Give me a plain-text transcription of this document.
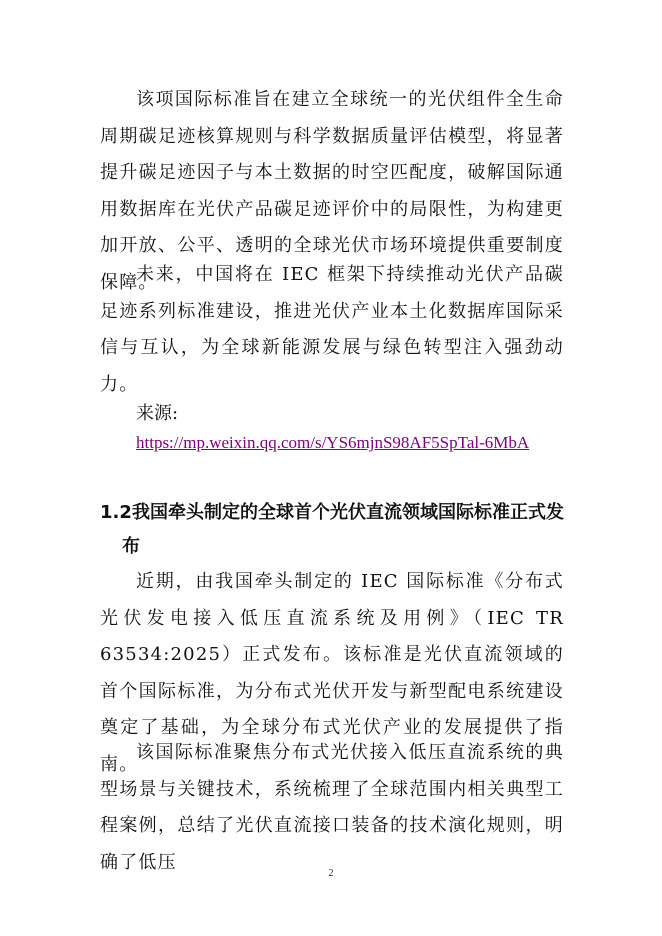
该项国际标准旨在建立全球统一的光伏组件全生命周期碳足迹核算规则与科学数据质量评估模型，将显著提升碳足迹因子与本土数据的时空匹配度，破解国际通用数据库在光伏产品碳足迹评价中的局限性，为构建更加开放、公平、透明的全球光伏市场环境提供重要制度保障。

未来，中国将在 IEC 框架下持续推动光伏产品碳足迹系列标准建设，推进光伏产业本土化数据库国际采信与互认，为全球新能源发展与绿色转型注入强劲动力。

来源:

https://mp.weixin.qq.com/s/YS6mjnS98AF5SpTal-6MbA
1.2我国牵头制定的全球首个光伏直流领域国际标准正式发
布

近期，由我国牵头制定的 IEC 国际标准《分布式光伏发电接入低压直流系统及用例》（IEC TR 63534:2025）正式发布。该标准是光伏直流领域的首个国际标准，为分布式光伏开发与新型配电系统建设奠定了基础，为全球分布式光伏产业的发展提供了指南。

该国际标准聚焦分布式光伏接入低压直流系统的典型场景与关键技术，系统梳理了全球范围内相关典型工程案例，总结了光伏直流接口装备的技术演化规则，明确了低压

2
